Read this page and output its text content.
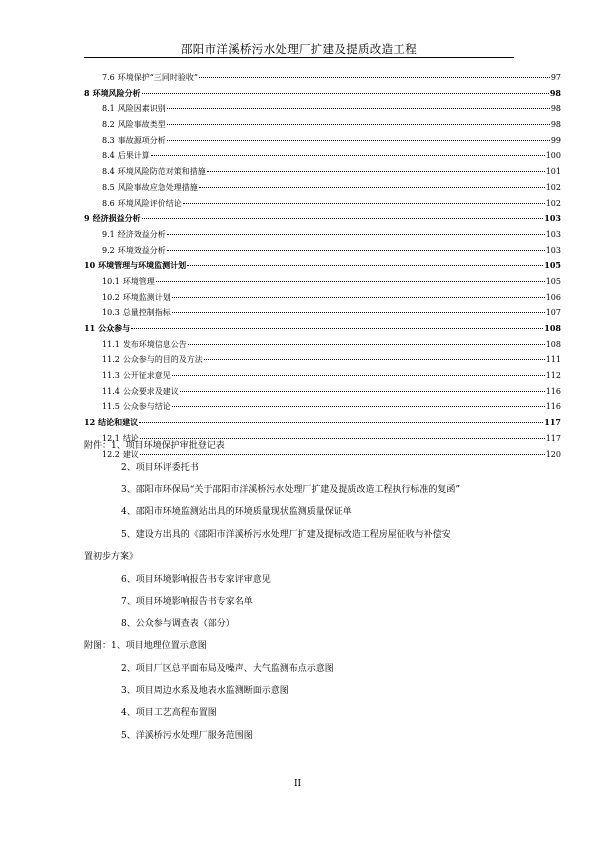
邵阳市洋溪桥污水处理厂扩建及提质改造工程
7.6 环境保护“三同时验收”	97
8 环境风险分析	98
8.1 风险因素识别	98
8.2 风险事故类型	98
8.3 事故源项分析	99
8.4 后果计算	100
8.4 环境风险防范对策和措施	101
8.5 风险事故应急处理措施	102
8.6 环境风险评价结论	102
9 经济损益分析	103
9.1 经济效益分析	103
9.2 环境效益分析	103
10 环境管理与环境监测计划	105
10.1 环境管理	105
10.2 环境监测计划	106
10.3 总量控制指标	107
11 公众参与	108
11.1 发布环境信息公告	108
11.2 公众参与的目的及方法	111
11.3 公开征求意见	112
11.4 公众要求及建议	116
11.5 公众参与结论	116
12 结论和建议	117
12.1 结论	117
12.2 建议	120
附件：1、项目环境保护审批登记表
2、项目环评委托书
3、邵阳市环保局“关于邵阳市洋溪桥污水处理厂扩建及提质改造工程执行标准的复函”
4、邵阳市环境监测站出具的环境质量现状监测质量保证单
5、建设方出具的《邵阳市洋溪桥污水处理厂扩建及提标改造工程房屋征收与补偿安
置初步方案》
6、项目环境影响报告书专家评审意见
7、项目环境影响报告书专家名单
8、公众参与调查表（部分）
附图：1、项目地理位置示意图
2、项目厂区总平面布局及噪声、大气监测布点示意图
3、项目周边水系及地表水监测断面示意图
4、项目工艺高程布置图
5、洋溪桥污水处理厂服务范围图
II
